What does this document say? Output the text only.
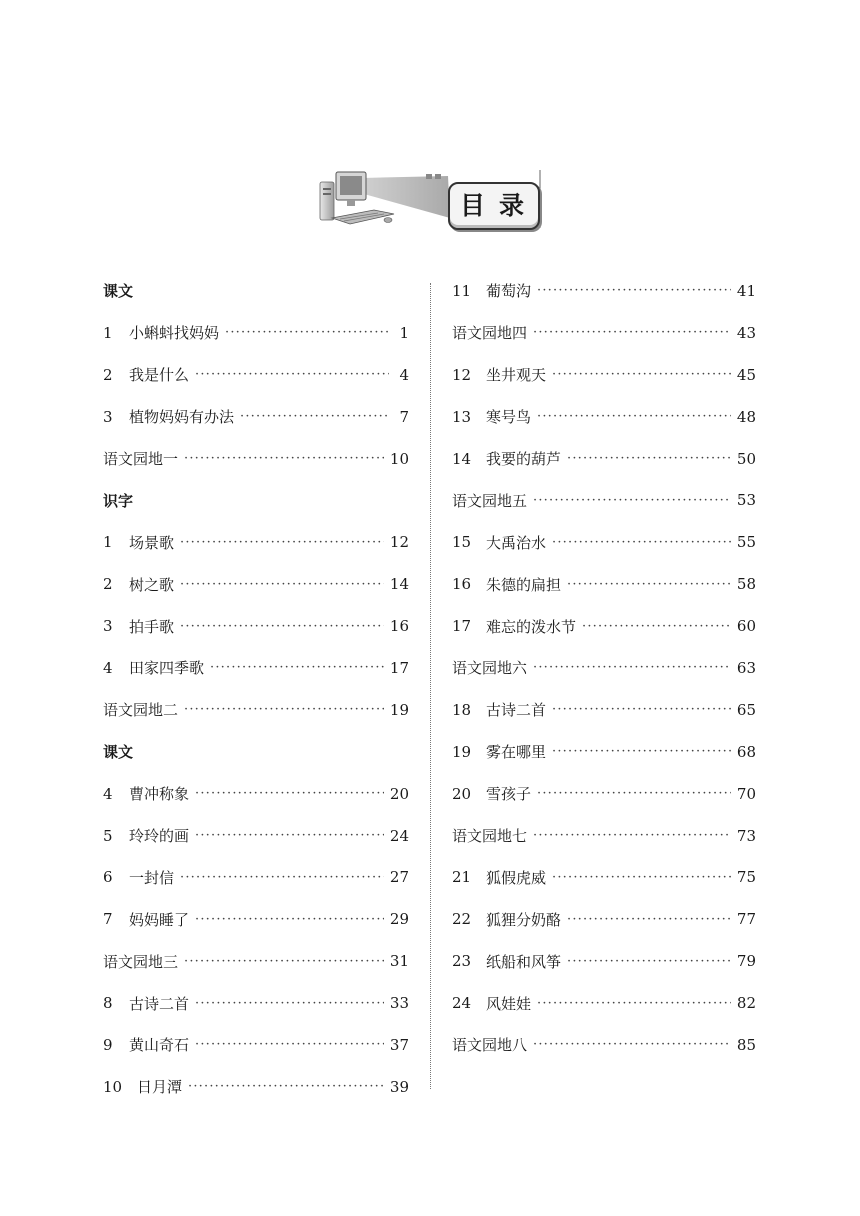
目录
课文
1	小蝌蚪找妈妈 ·····	1
2	我是什么 ·····	4
3	植物妈妈有办法 ·····	7
语文园地一 ·····	10
识字
1	场景歌 ·····	12
2	树之歌 ·····	14
3	拍手歌 ·····	16
4	田家四季歌 ·····	17
语文园地二 ·····	19
课文
4	曹冲称象 ·····	20
5	玲玲的画 ·····	24
6	一封信 ·····	27
7	妈妈睡了 ·····	29
语文园地三 ·····	31
8	古诗二首 ·····	33
9	黄山奇石 ·····	37
10 日月潭 ·····	39
11 葡萄沟 ·····	41
语文园地四 ·····	43
12 坐井观天 ·····	45
13 寒号鸟 ·····	48
14 我要的葫芦 ·····	50
语文园地五 ·····	53
15 大禹治水 ·····	55
16 朱德的扁担 ·····	58
17 难忘的泼水节 ·····	60
语文园地六 ·····	63
18 古诗二首 ·····	65
19 雾在哪里 ·····	68
20 雪孩子 ·····	70
语文园地七 ·····	73
21 狐假虎威 ·····	75
22 狐狸分奶酪 ·····	77
23 纸船和风筝 ·····	79
24 风娃娃 ·····	82
语文园地八 ·····	85
